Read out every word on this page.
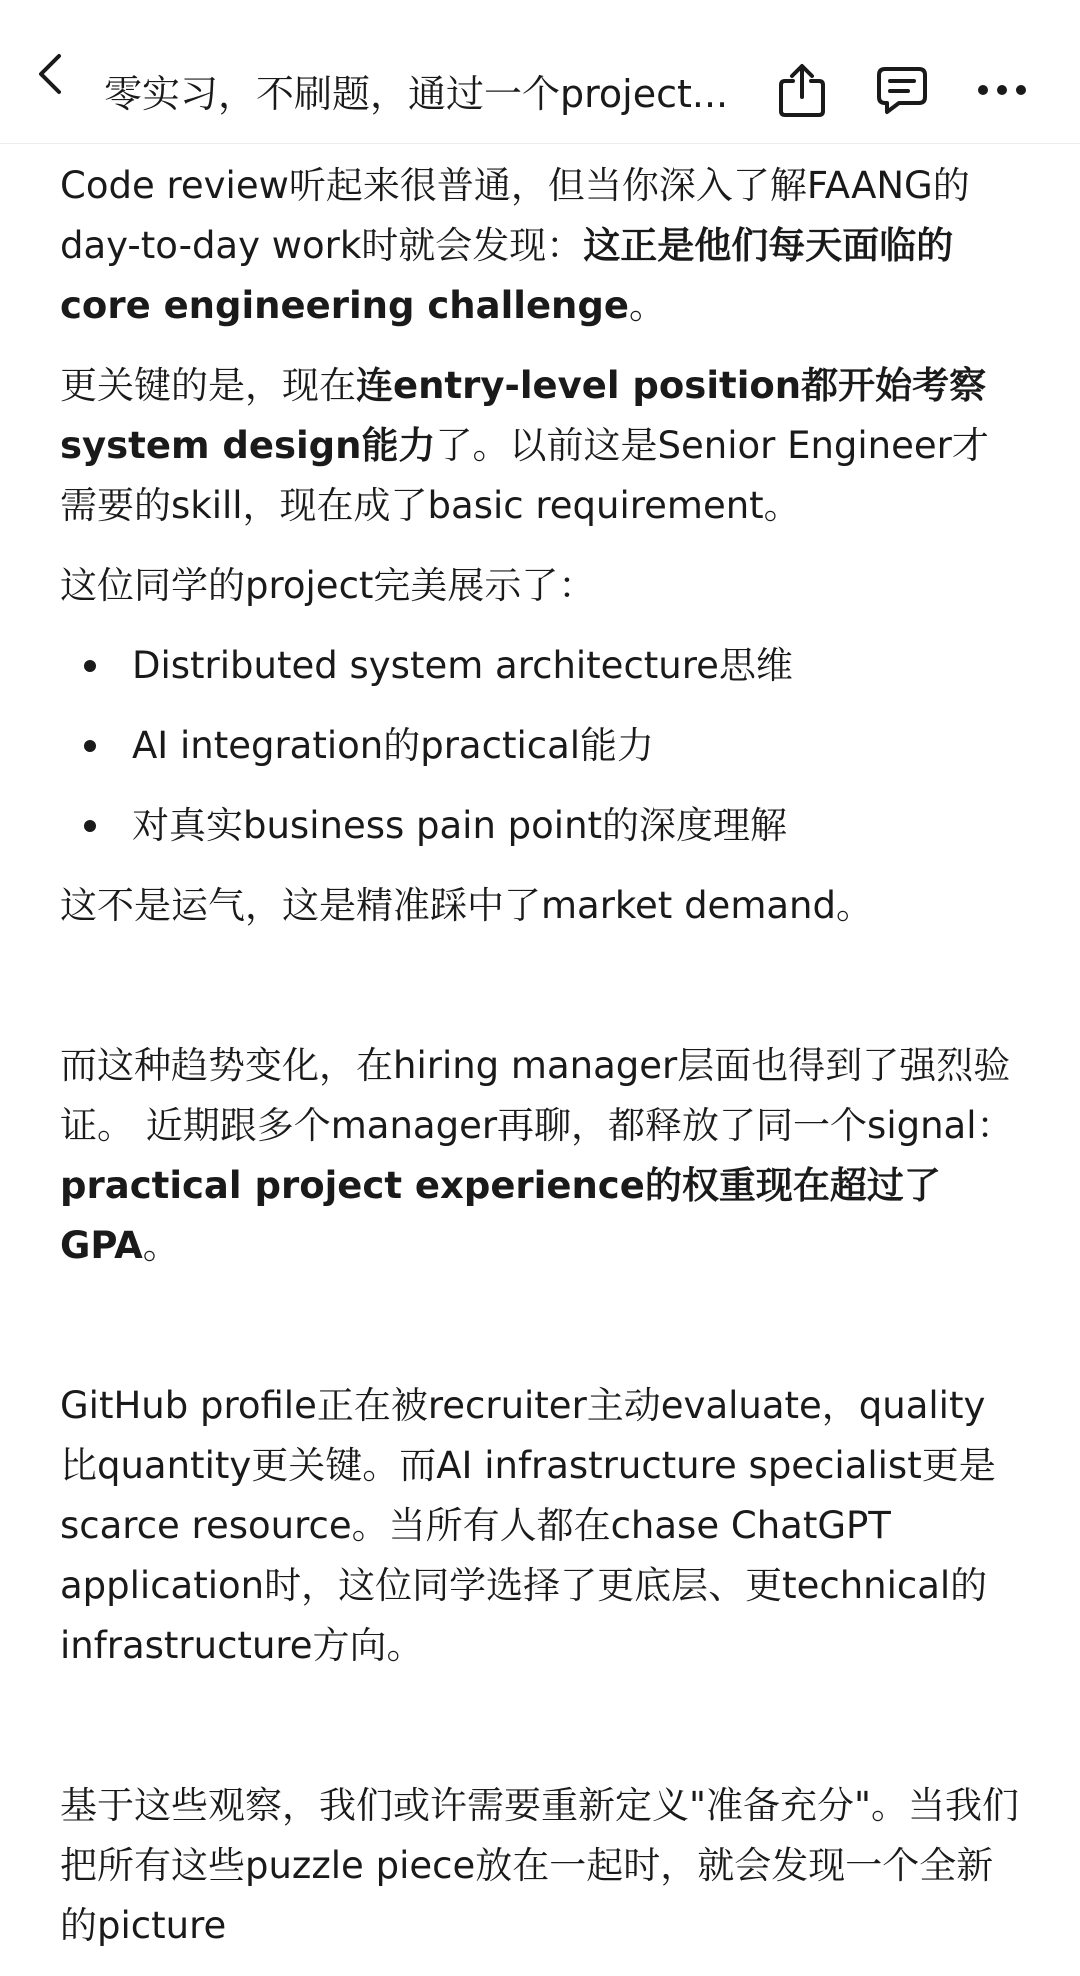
零实习，不刷题，通过一个project...

Code review听起来很普通，但当你深入了解FAANG的day-to-day work时就会发现：这正是他们每天面临的core engineering challenge。

更关键的是，现在连entry-level position都开始考察system design能力了。以前这是Senior Engineer才需要的skill，现在成了basic requirement。

这位同学的project完美展示了：

Distributed system architecture思维
AI integration的practical能力
对真实business pain point的深度理解

这不是运气，这是精准踩中了market demand。

而这种趋势变化，在hiring manager层面也得到了强烈验证。 近期跟多个manager再聊，都释放了同一个signal：practical project experience的权重现在超过了GPA。

GitHub profile正在被recruiter主动evaluate，quality比quantity更关键。而AI infrastructure specialist更是scarce resource。当所有人都在chase ChatGPT application时，这位同学选择了更底层、更technical的infrastructure方向。

基于这些观察，我们或许需要重新定义"准备充分"。当我们把所有这些puzzle piece放在一起时，就会发现一个全新的picture
